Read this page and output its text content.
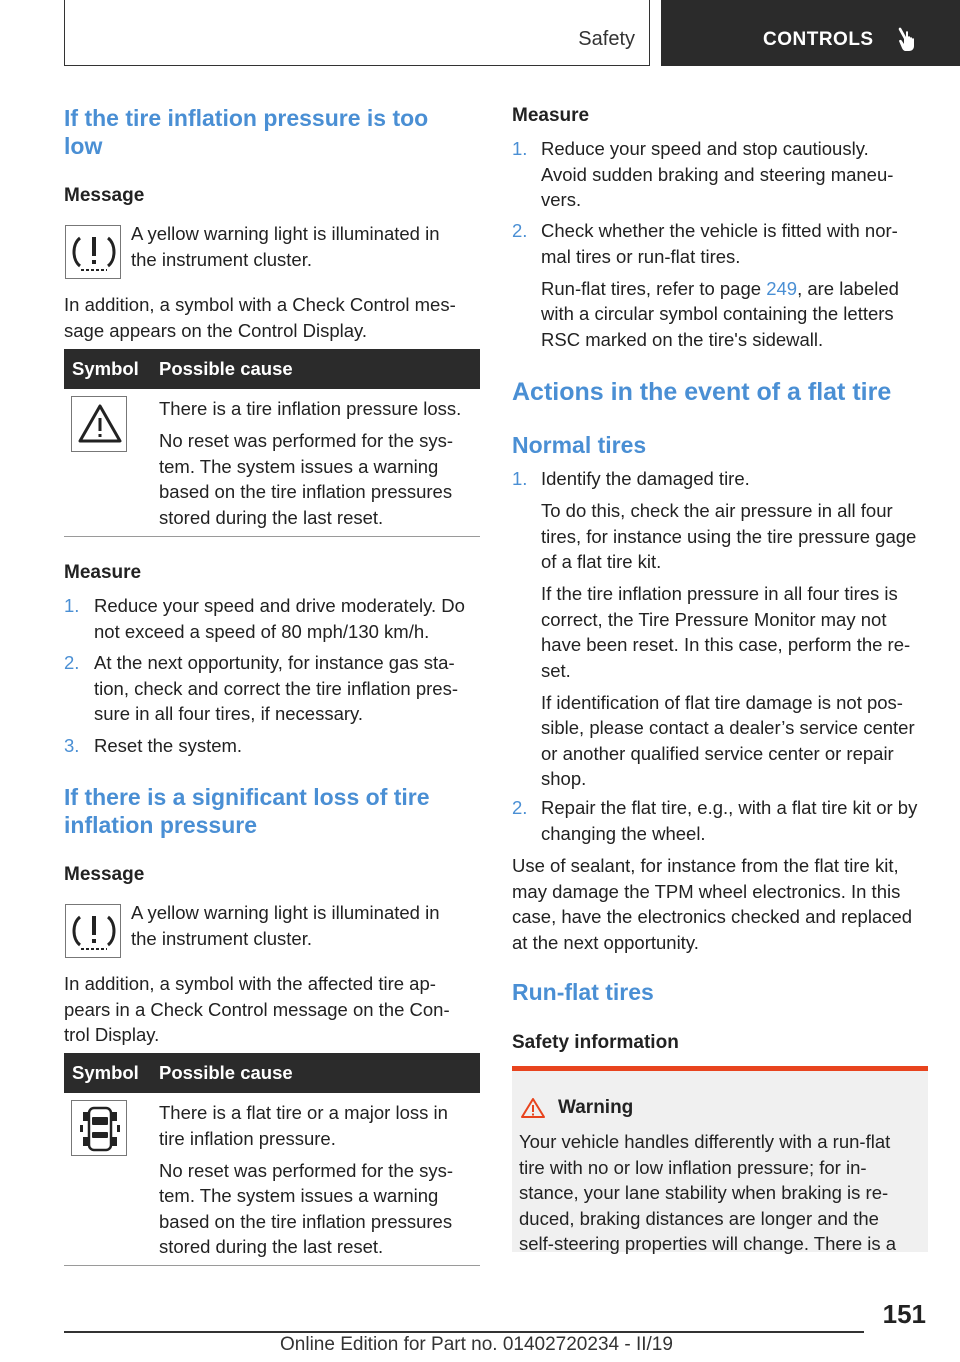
Safety	CONTROLS
If the tire inflation pressure is too
low
Message
A yellow warning light is illuminated in
the instrument cluster.
In addition, a symbol with a Check Control mes-
sage appears on the Control Display.
Symbol Possible cause
There is a tire inflation pressure loss.
No reset was performed for the sys-
tem. The system issues a warning
based on the tire inflation pressures
stored during the last reset.
Measure
1. Reduce your speed and drive moderately. Do
not exceed a speed of 80 mph/130 km/h.
2. At the next opportunity, for instance gas sta-
tion, check and correct the tire inflation pres-
sure in all four tires, if necessary.
3. Reset the system.
If there is a significant loss of tire
inflation pressure
Message
A yellow warning light is illuminated in
the instrument cluster.
In addition, a symbol with the affected tire ap-
pears in a Check Control message on the Con-
trol Display.
Symbol Possible cause
There is a flat tire or a major loss in
tire inflation pressure.
No reset was performed for the sys-
tem. The system issues a warning
based on the tire inflation pressures
stored during the last reset.
Measure
1. Reduce your speed and stop cautiously.
Avoid sudden braking and steering maneu-
vers.
2. Check whether the vehicle is fitted with nor-
mal tires or run-flat tires.
Run-flat tires, refer to page 249, are labeled
with a circular symbol containing the letters
RSC marked on the tire's sidewall.
Actions in the event of a flat tire
Normal tires
1. Identify the damaged tire.
To do this, check the air pressure in all four
tires, for instance using the tire pressure gage
of a flat tire kit.
If the tire inflation pressure in all four tires is
correct, the Tire Pressure Monitor may not
have been reset. In this case, perform the re-
set.
If identification of flat tire damage is not pos-
sible, please contact a dealer’s service center
or another qualified service center or repair
shop.
2. Repair the flat tire, e.g., with a flat tire kit or by
changing the wheel.
Use of sealant, for instance from the flat tire kit,
may damage the TPM wheel electronics. In this
case, have the electronics checked and replaced
at the next opportunity.
Run-flat tires
Safety information
Warning
Your vehicle handles differently with a run-flat
tire with no or low inflation pressure; for in-
stance, your lane stability when braking is re-
duced, braking distances are longer and the
self-steering properties will change. There is a
151
Online Edition for Part no. 01402720234 - II/19
